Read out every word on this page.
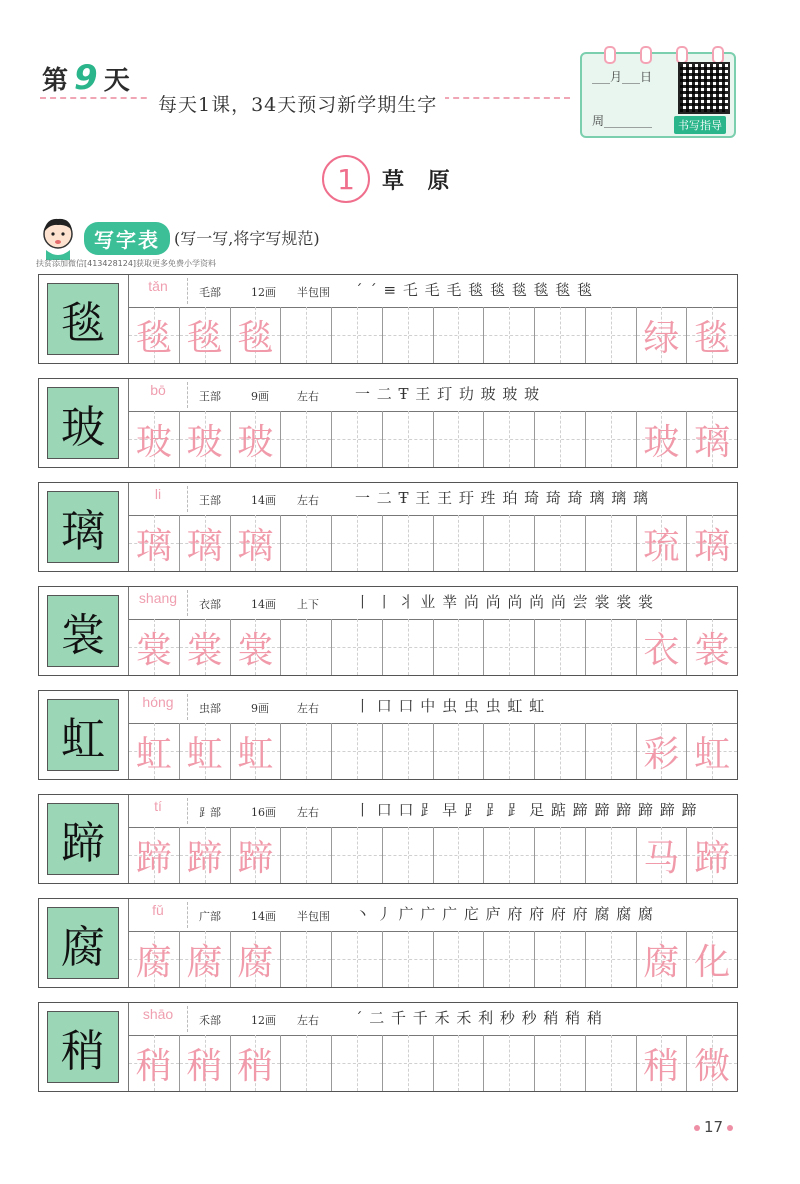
第 9 天
每天1课，34天预习新学期生字
___月___日
周________	书写指导
1	草 原
写字表 (写一写,将字写规范)
扶贫添加微信[413428124]获取更多免费小学资料
毯
tǎn	毛部	12画 半包围 ´ ´ ≡ 乇 毛 毛 毯 毯 毯 毯 毯 毯
毯 毯 毯	绿 毯
玻
bō	王部	9画	左右 一 二 Ŧ 王 玎 玏 玻 玻 玻
玻 玻 玻	玻 璃
璃
li	王部	14画 左右 一 二 Ŧ 王 王 玗 珄 珀 琦 琦 琦 璃 璃 璃
璃 璃 璃	琉 璃
裳
shang	衣部	14画 上下 丨 丨 丬 业 丵 尚 尚 尚 尚 尚 尝 裳 裳 裳
裳 裳 裳	衣 裳
虹
hóng	虫部	9画	左右 丨 口 口 中 虫 虫 虫 虹 虹
虹 虹 虹	彩 虹
蹄
tí	⻊部	16画 左右 丨 口 口 ⻊ 早 ⻊ ⻊ ⻊ 足 踮 蹄 蹄 蹄 蹄 蹄 蹄
蹄 蹄 蹄	马 蹄
腐
fǔ	广部	14画 半包围 丶 丿 广 广 广 庀 庐 府 府 府 府 腐 腐 腐
腐 腐 腐	腐 化
稍
shāo	禾部	12画 左右 ´ 二 千 千 禾 禾 利 秒 秒 稍 稍 稍
稍 稍 稍	稍 微
17
